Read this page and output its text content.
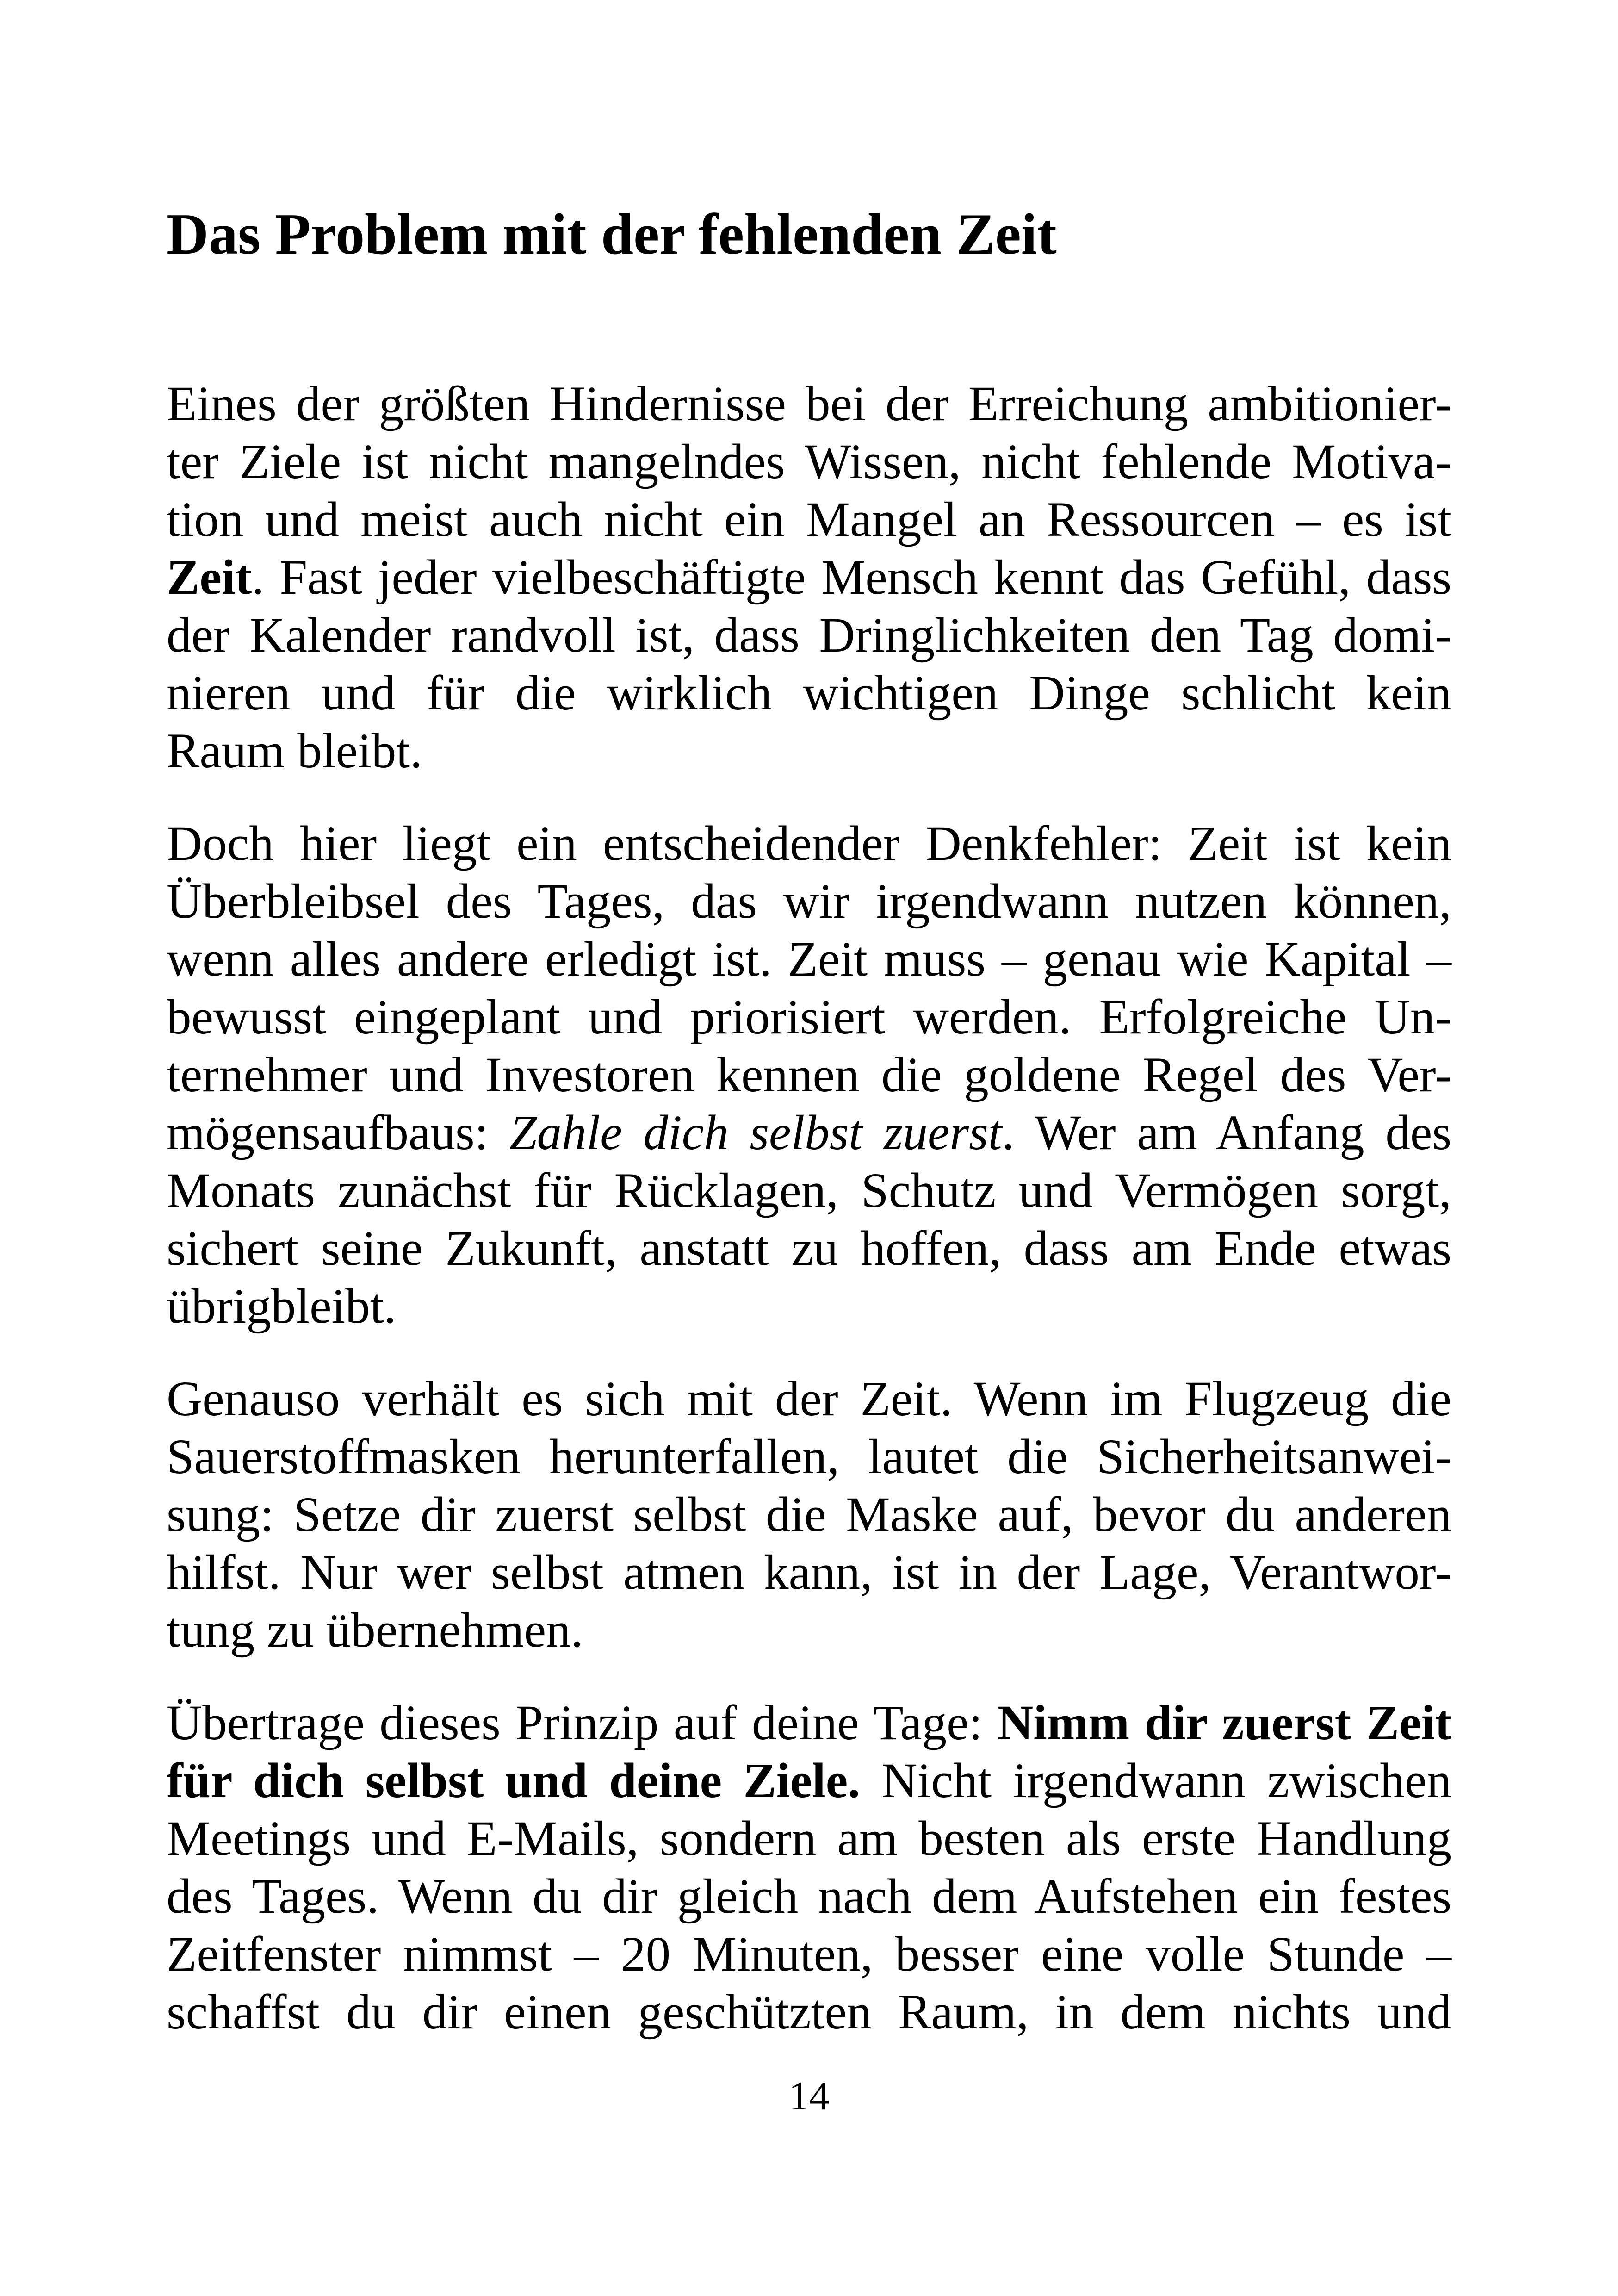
Das Problem mit der fehlenden Zeit
Eines der größten Hindernisse bei der Erreichung ambitionier-
ter Ziele ist nicht mangelndes Wissen, nicht fehlende Motiva-
tion und meist auch nicht ein Mangel an Ressourcen – es ist
Zeit. Fast jeder vielbeschäftigte Mensch kennt das Gefühl, dass
der Kalender randvoll ist, dass Dringlichkeiten den Tag domi-
nieren und für die wirklich wichtigen Dinge schlicht kein
Raum bleibt.
Doch hier liegt ein entscheidender Denkfehler: Zeit ist kein
Überbleibsel des Tages, das wir irgendwann nutzen können,
wenn alles andere erledigt ist. Zeit muss – genau wie Kapital –
bewusst eingeplant und priorisiert werden. Erfolgreiche Un-
ternehmer und Investoren kennen die goldene Regel des Ver-
mögensaufbaus: Zahle dich selbst zuerst. Wer am Anfang des
Monats zunächst für Rücklagen, Schutz und Vermögen sorgt,
sichert seine Zukunft, anstatt zu hoffen, dass am Ende etwas
übrigbleibt.
Genauso verhält es sich mit der Zeit. Wenn im Flugzeug die
Sauerstoffmasken herunterfallen, lautet die Sicherheitsanwei-
sung: Setze dir zuerst selbst die Maske auf, bevor du anderen
hilfst. Nur wer selbst atmen kann, ist in der Lage, Verantwor-
tung zu übernehmen.
Übertrage dieses Prinzip auf deine Tage: Nimm dir zuerst Zeit
für dich selbst und deine Ziele. Nicht irgendwann zwischen
Meetings und E-Mails, sondern am besten als erste Handlung
des Tages. Wenn du dir gleich nach dem Aufstehen ein festes
Zeitfenster nimmst – 20 Minuten, besser eine volle Stunde –
schaffst du dir einen geschützten Raum, in dem nichts und
14
